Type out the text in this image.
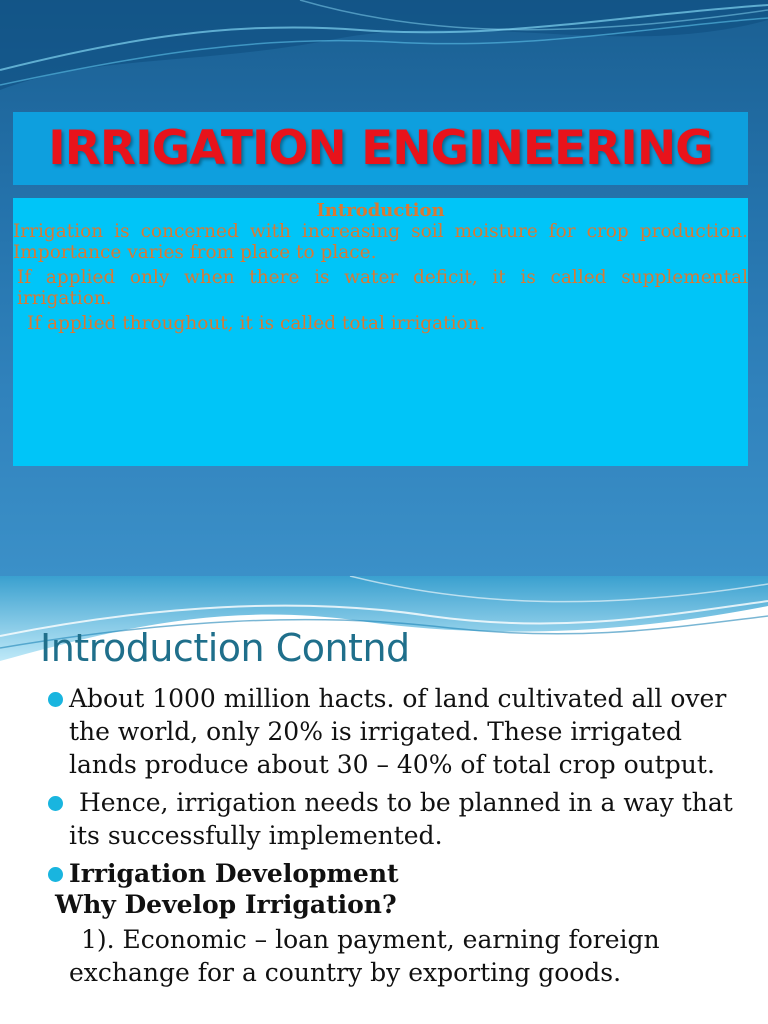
IRRIGATION ENGINEERING
Introduction

Irrigation is concerned with increasing soil moisture for crop production. Importance varies from place to place.

If applied only when there is water deficit, it is called supplemental irrigation.

If applied throughout, it is called total irrigation.

Introduction Contnd
About 1000 million hacts. of land cultivated all over the world, only 20% is irrigated. These irrigated lands produce about 30 – 40% of total crop output.
Hence, irrigation needs to be planned in a way that its successfully implemented.
Irrigation Development
Why Develop Irrigation?
1). Economic – loan payment, earning foreign
exchange for a country by exporting goods.
